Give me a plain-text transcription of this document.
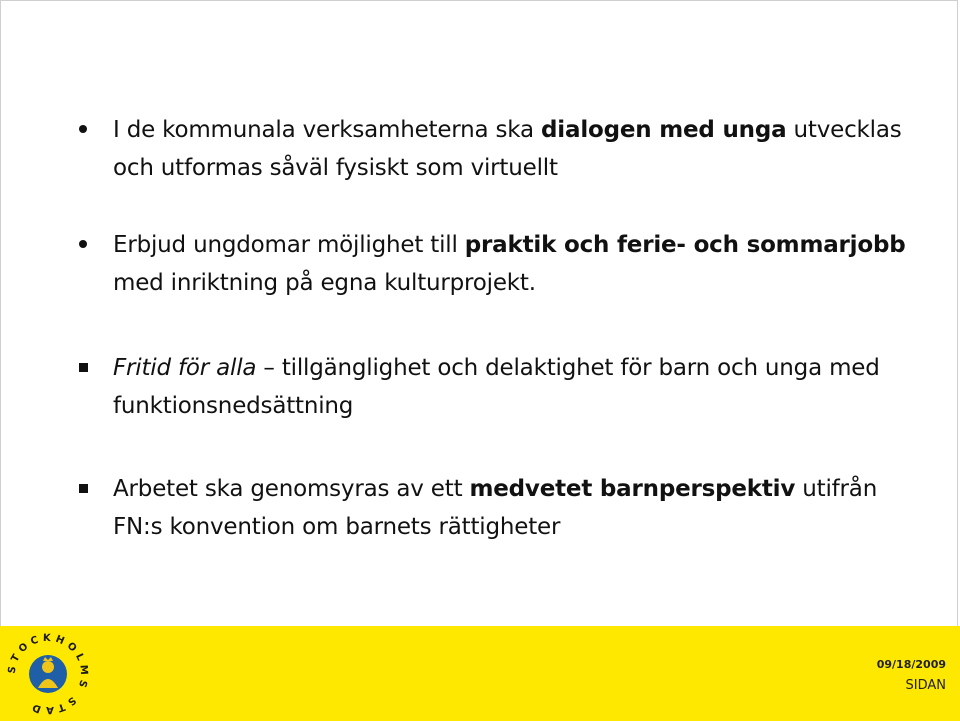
I de kommunala verksamheterna ska dialogen med unga utvecklas och utformas såväl fysiskt som virtuellt
Erbjud ungdomar möjlighet till praktik och ferie- och sommarjobb med inriktning på egna kulturprojekt.
Fritid för alla – tillgänglighet och delaktighet för barn och unga med funktionsnedsättning
Arbetet ska genomsyras av ett medvetet barnperspektiv utifrån FN:s konvention om barnets rättigheter
STOCKHOLMS STAD
09/18/2009
SIDAN
